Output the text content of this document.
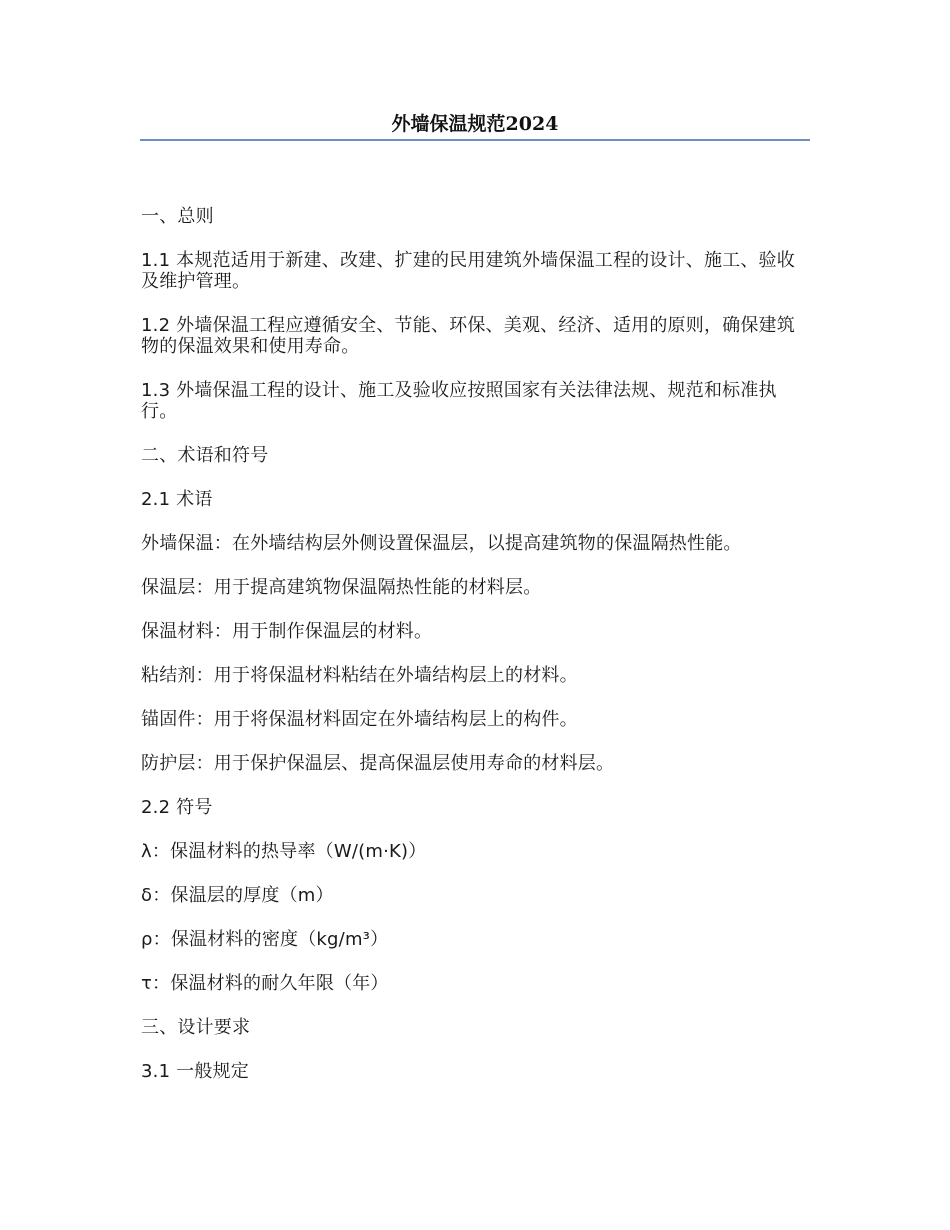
外墙保温规范2024

一、总则

1.1 本规范适用于新建、改建、扩建的民用建筑外墙保温工程的设计、施工、验收及维护管理。

1.2 外墙保温工程应遵循安全、节能、环保、美观、经济、适用的原则，确保建筑物的保温效果和使用寿命。

1.3 外墙保温工程的设计、施工及验收应按照国家有关法律法规、规范和标准执行。

二、术语和符号

2.1 术语

外墙保温：在外墙结构层外侧设置保温层，以提高建筑物的保温隔热性能。

保温层：用于提高建筑物保温隔热性能的材料层。

保温材料：用于制作保温层的材料。

粘结剂：用于将保温材料粘结在外墙结构层上的材料。

锚固件：用于将保温材料固定在外墙结构层上的构件。

防护层：用于保护保温层、提高保温层使用寿命的材料层。

2.2 符号

λ：保温材料的热导率（W/(m·K)）

δ：保温层的厚度（m）

ρ：保温材料的密度（kg/m³）

τ：保温材料的耐久年限（年）

三、设计要求

3.1 一般规定
